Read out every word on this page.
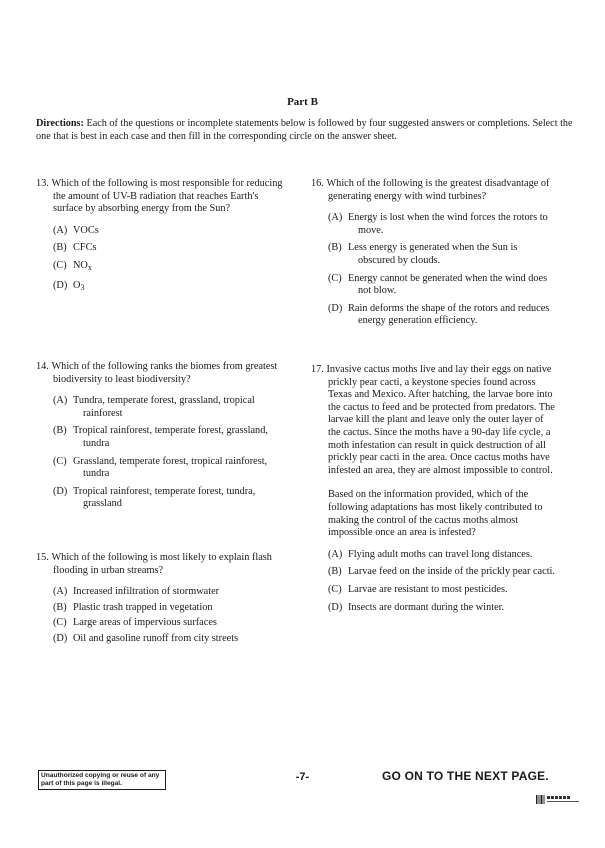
Part B
Directions: Each of the questions or incomplete statements below is followed by four suggested answers or completions. Select the one that is best in each case and then fill in the corresponding circle on the answer sheet.
13. Which of the following is most responsible for reducing the amount of UV-B radiation that reaches Earth's surface by absorbing energy from the Sun?
(A) VOCs
(B) CFCs
(C) $NO_x$
(D) $O_3$
14. Which of the following ranks the biomes from greatest biodiversity to least biodiversity?
(A) Tundra, temperate forest, grassland, tropical rainforest
(B) Tropical rainforest, temperate forest, grassland, tundra
(C) Grassland, temperate forest, tropical rainforest, tundra
(D) Tropical rainforest, temperate forest, tundra, grassland
15. Which of the following is most likely to explain flash flooding in urban streams?
(A) Increased infiltration of stormwater
(B) Plastic trash trapped in vegetation
(C) Large areas of impervious surfaces
(D) Oil and gasoline runoff from city streets
16. Which of the following is the greatest disadvantage of generating energy with wind turbines?
(A) Energy is lost when the wind forces the rotors to move.
(B) Less energy is generated when the Sun is obscured by clouds.
(C) Energy cannot be generated when the wind does not blow.
(D) Rain deforms the shape of the rotors and reduces energy generation efficiency.
17. Invasive cactus moths live and lay their eggs on native prickly pear cacti, a keystone species found across Texas and Mexico. After hatching, the larvae bore into the cactus to feed and be protected from predators. The larvae kill the plant and leave only the outer layer of the cactus. Since the moths have a 90-day life cycle, a moth infestation can result in quick destruction of all prickly pear cacti in the area. Once cactus moths have infested an area, they are almost impossible to control.
Based on the information provided, which of the following adaptations has most likely contributed to making the control of the cactus moths almost impossible once an area is infested?
(A) Flying adult moths can travel long distances.
(B) Larvae feed on the inside of the prickly pear cacti.
(C) Larvae are resistant to most pesticides.
(D) Insects are dormant during the winter.
Unauthorized copying or reuse of any part of this page is illegal.
-7-	GO ON TO THE NEXT PAGE.
